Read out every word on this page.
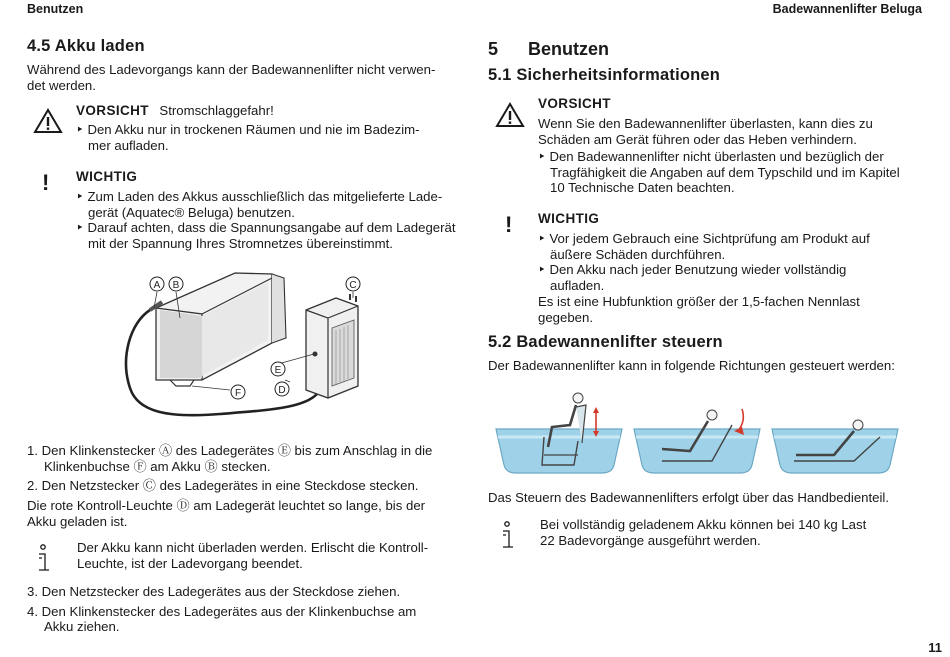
Benutzen	Badewannenlifter Beluga
4.5 Akku laden
Während des Ladevorgangs kann der Badewannenlifter nicht verwen-
det werden.
VORSICHT Stromschlaggefahr!
‣ Den Akku nur in trockenen Räumen und nie im Badezim-
mer aufladen.
! WICHTIG
‣ Zum Laden des Akkus ausschließlich das mitgelieferte Lade-
gerät (Aquatec® Beluga) benutzen.
‣ Darauf achten, dass die Spannungsangabe auf dem Ladegerät
mit der Spannung Ihres Stromnetzes übereinstimmt.
A B	C
E
D
F
1. Den Klinkenstecker Ⓐ des Ladegerätes Ⓔ bis zum Anschlag in die
Klinkenbuchse Ⓕ am Akku Ⓑ stecken.
2. Den Netzstecker Ⓒ des Ladegerätes in eine Steckdose stecken.
Die rote Kontroll-Leuchte Ⓓ am Ladegerät leuchtet so lange, bis der
Akku geladen ist.
Der Akku kann nicht überladen werden. Erlischt die Kontroll-
Leuchte, ist der Ladevorgang beendet.
3. Den Netzstecker des Ladegerätes aus der Steckdose ziehen.
4. Den Klinkenstecker des Ladegerätes aus der Klinkenbuchse am
Akku ziehen.
5      Benutzen
5.1 Sicherheitsinformationen
VORSICHT
Wenn Sie den Badewannenlifter überlasten, kann dies zu
Schäden am Gerät führen oder das Heben verhindern.
‣ Den Badewannenlifter nicht überlasten und bezüglich der
Tragfähigkeit die Angaben auf dem Typschild und im Kapitel
10 Technische Daten beachten.
! WICHTIG
‣ Vor jedem Gebrauch eine Sichtprüfung am Produkt auf
äußere Schäden durchführen.
‣ Den Akku nach jeder Benutzung wieder vollständig
aufladen.
Es ist eine Hubfunktion größer der 1,5-fachen Nennlast
gegeben.
5.2 Badewannenlifter steuern
Der Badewannenlifter kann in folgende Richtungen gesteuert werden:
Das Steuern des Badewannenlifters erfolgt über das Handbedienteil.
Bei vollständig geladenem Akku können bei 140 kg Last
22 Badevorgänge ausgeführt werden.
11
